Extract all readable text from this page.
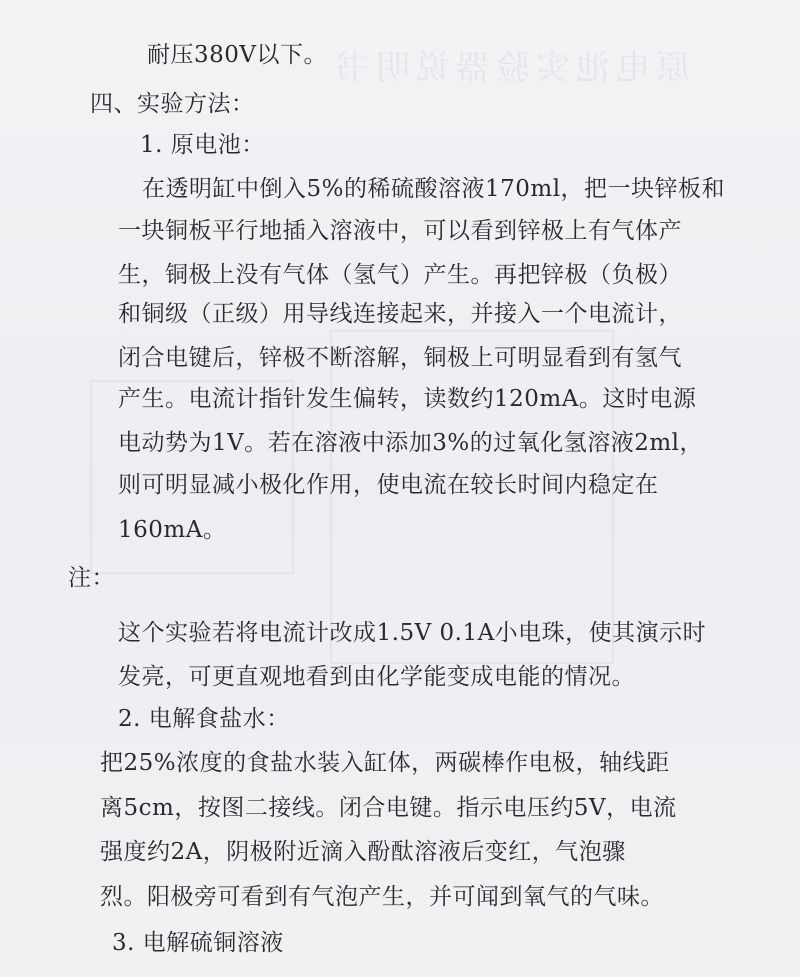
原电池实验器说明书
耐压380V以下。
四、实验方法：
1. 原电池：
在透明缸中倒入5%的稀硫酸溶液170ml，把一块锌板和
一块铜板平行地插入溶液中，可以看到锌极上有气体产
生，铜极上没有气体（氢气）产生。再把锌极（负极）
和铜级（正级）用导线连接起来，并接入一个电流计，
闭合电键后，锌极不断溶解，铜极上可明显看到有氢气
产生。电流计指针发生偏转，读数约120mA。这时电源
电动势为1V。若在溶液中添加3%的过氧化氢溶液2ml，
则可明显减小极化作用，使电流在较长时间内稳定在
160mA。
注：
这个实验若将电流计改成1.5V 0.1A小电珠，使其演示时
发亮，可更直观地看到由化学能变成电能的情况。
2. 电解食盐水：
把25%浓度的食盐水装入缸体，两碳棒作电极，轴线距
离5cm，按图二接线。闭合电键。指示电压约5V，电流
强度约2A，阴极附近滴入酚酞溶液后变红，气泡骤
烈。阳极旁可看到有气泡产生，并可闻到氧气的气味。
3. 电解硫铜溶液
